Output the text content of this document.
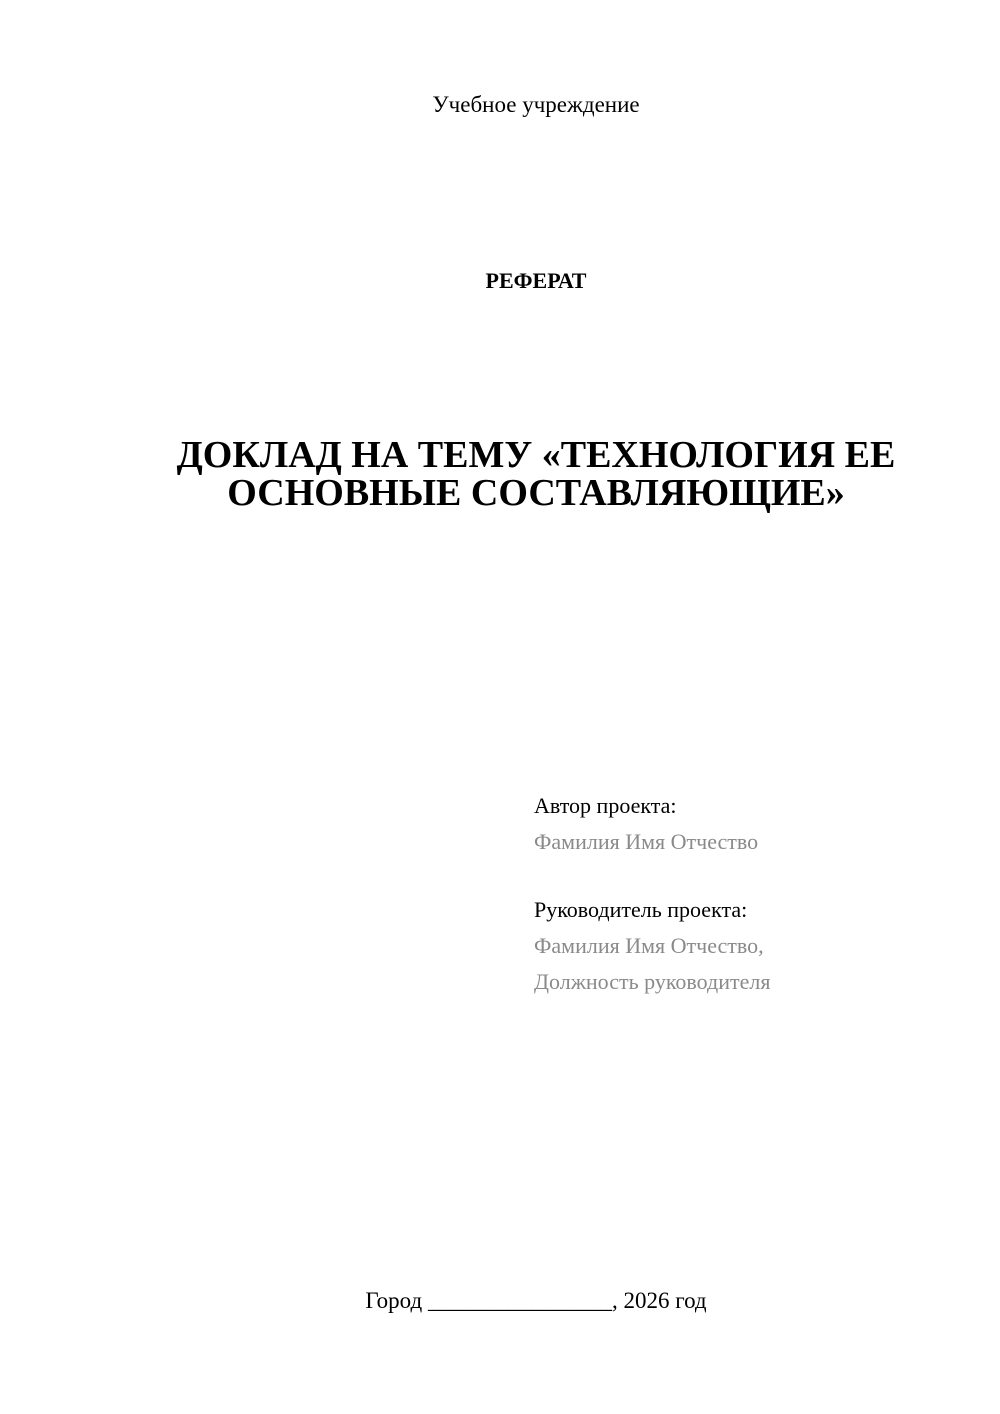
Учебное учреждение
РЕФЕРАТ
ДОКЛАД НА ТЕМУ «ТЕХНОЛОГИЯ ЕЕ
ОСНОВНЫЕ СОСТАВЛЯЮЩИЕ»

Автор проекта:

Фамилия Имя Отчество

Руководитель проекта:

Фамилия Имя Отчество,

Должность руководителя

Город ________________, 2026 год
